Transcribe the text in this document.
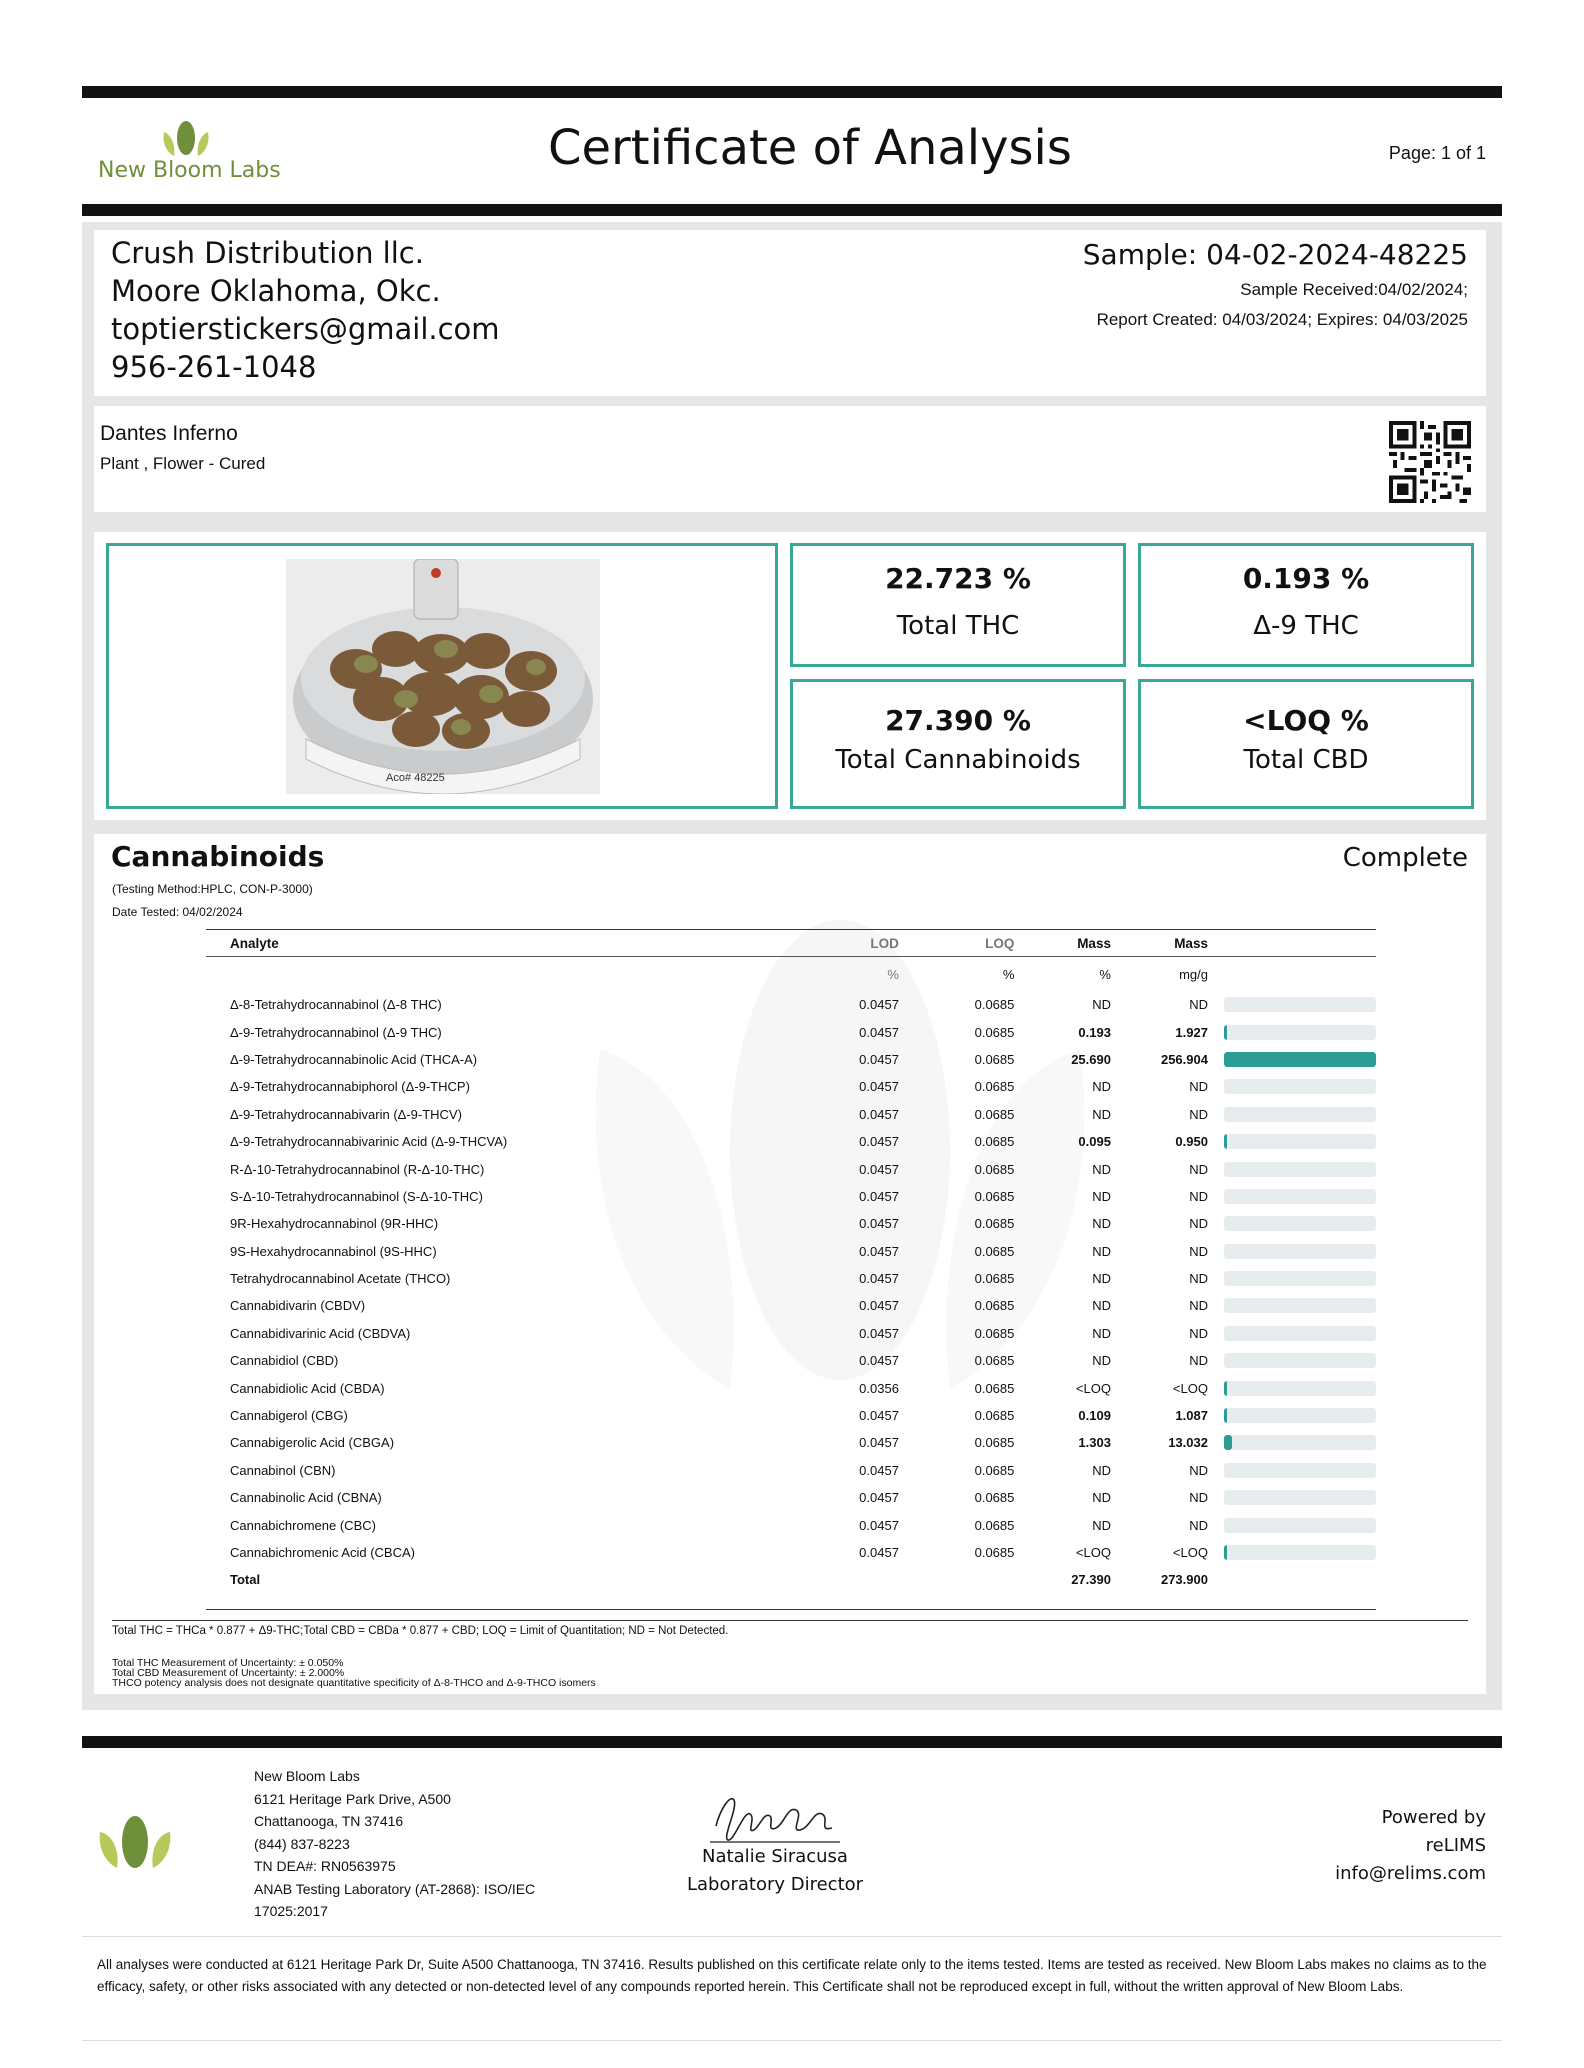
New Bloom Labs	Certificate of Analysis	Page: 1 of 1
Crush Distribution llc.
Moore Oklahoma, Okc.
toptierstickers@gmail.com
956-261-1048
Sample: 04-02-2024-48225
Sample Received:04/02/2024;
Report Created: 04/03/2024; Expires: 04/03/2025
Dantes Inferno
Plant , Flower - Cured
Aco# 48225
22.723 %
Total THC
0.193 %
Δ-9 THC
27.390 %
Total Cannabinoids
<LOQ %
Total CBD
Cannabinoids	Complete
(Testing Method:HPLC, CON-P-3000)
Date Tested: 04/02/2024
Analyte	LOD	LOQ	Mass	Mass	
	%	%	%	mg/g	
Δ-8-Tetrahydrocannabinol (Δ-8 THC)	0.0457	0.0685	ND	ND	

Δ-9-Tetrahydrocannabinol (Δ-9 THC)	0.0457	0.0685	0.193	1.927	

Δ-9-Tetrahydrocannabinolic Acid (THCA-A)	0.0457	0.0685	25.690	256.904	

Δ-9-Tetrahydrocannabiphorol (Δ-9-THCP)	0.0457	0.0685	ND	ND	

Δ-9-Tetrahydrocannabivarin (Δ-9-THCV)	0.0457	0.0685	ND	ND	

Δ-9-Tetrahydrocannabivarinic Acid (Δ-9-THCVA)	0.0457	0.0685	0.095	0.950	

R-Δ-10-Tetrahydrocannabinol (R-Δ-10-THC)	0.0457	0.0685	ND	ND	

S-Δ-10-Tetrahydrocannabinol (S-Δ-10-THC)	0.0457	0.0685	ND	ND	

9R-Hexahydrocannabinol (9R-HHC)	0.0457	0.0685	ND	ND	

9S-Hexahydrocannabinol (9S-HHC)	0.0457	0.0685	ND	ND	

Tetrahydrocannabinol Acetate (THCO)	0.0457	0.0685	ND	ND	

Cannabidivarin (CBDV)	0.0457	0.0685	ND	ND	

Cannabidivarinic Acid (CBDVA)	0.0457	0.0685	ND	ND	

Cannabidiol (CBD)	0.0457	0.0685	ND	ND	

Cannabidiolic Acid (CBDA)	0.0356	0.0685	<LOQ	<LOQ	

Cannabigerol (CBG)	0.0457	0.0685	0.109	1.087	

Cannabigerolic Acid (CBGA)	0.0457	0.0685	1.303	13.032	

Cannabinol (CBN)	0.0457	0.0685	ND	ND	

Cannabinolic Acid (CBNA)	0.0457	0.0685	ND	ND	

Cannabichromene (CBC)	0.0457	0.0685	ND	ND	

Cannabichromenic Acid (CBCA)	0.0457	0.0685	<LOQ	<LOQ	

Total			27.390	273.900	
Total THC = THCa * 0.877 + Δ9-THC;Total CBD = CBDa * 0.877 + CBD; LOQ = Limit of Quantitation; ND = Not Detected.
Total THC Measurement of Uncertainty: ± 0.050%
Total CBD Measurement of Uncertainty: ± 2.000%
THCO potency analysis does not designate quantitative specificity of Δ-8-THCO and Δ-9-THCO isomers
New Bloom Labs
6121 Heritage Park Drive, A500
Chattanooga, TN 37416
(844) 837-8223
TN DEA#: RN0563975
ANAB Testing Laboratory (AT-2868): ISO/IEC
17025:2017
Natalie Siracusa
Laboratory Director
Powered by
reLIMS
info@relims.com
All analyses were conducted at 6121 Heritage Park Dr, Suite A500 Chattanooga, TN 37416. Results published on this certificate relate only to the items tested. Items are tested as received. New Bloom Labs makes no claims as to the efficacy, safety, or other risks associated with any detected or non-detected level of any compounds reported herein. This Certificate shall not be reproduced except in full, without the written approval of New Bloom Labs.
